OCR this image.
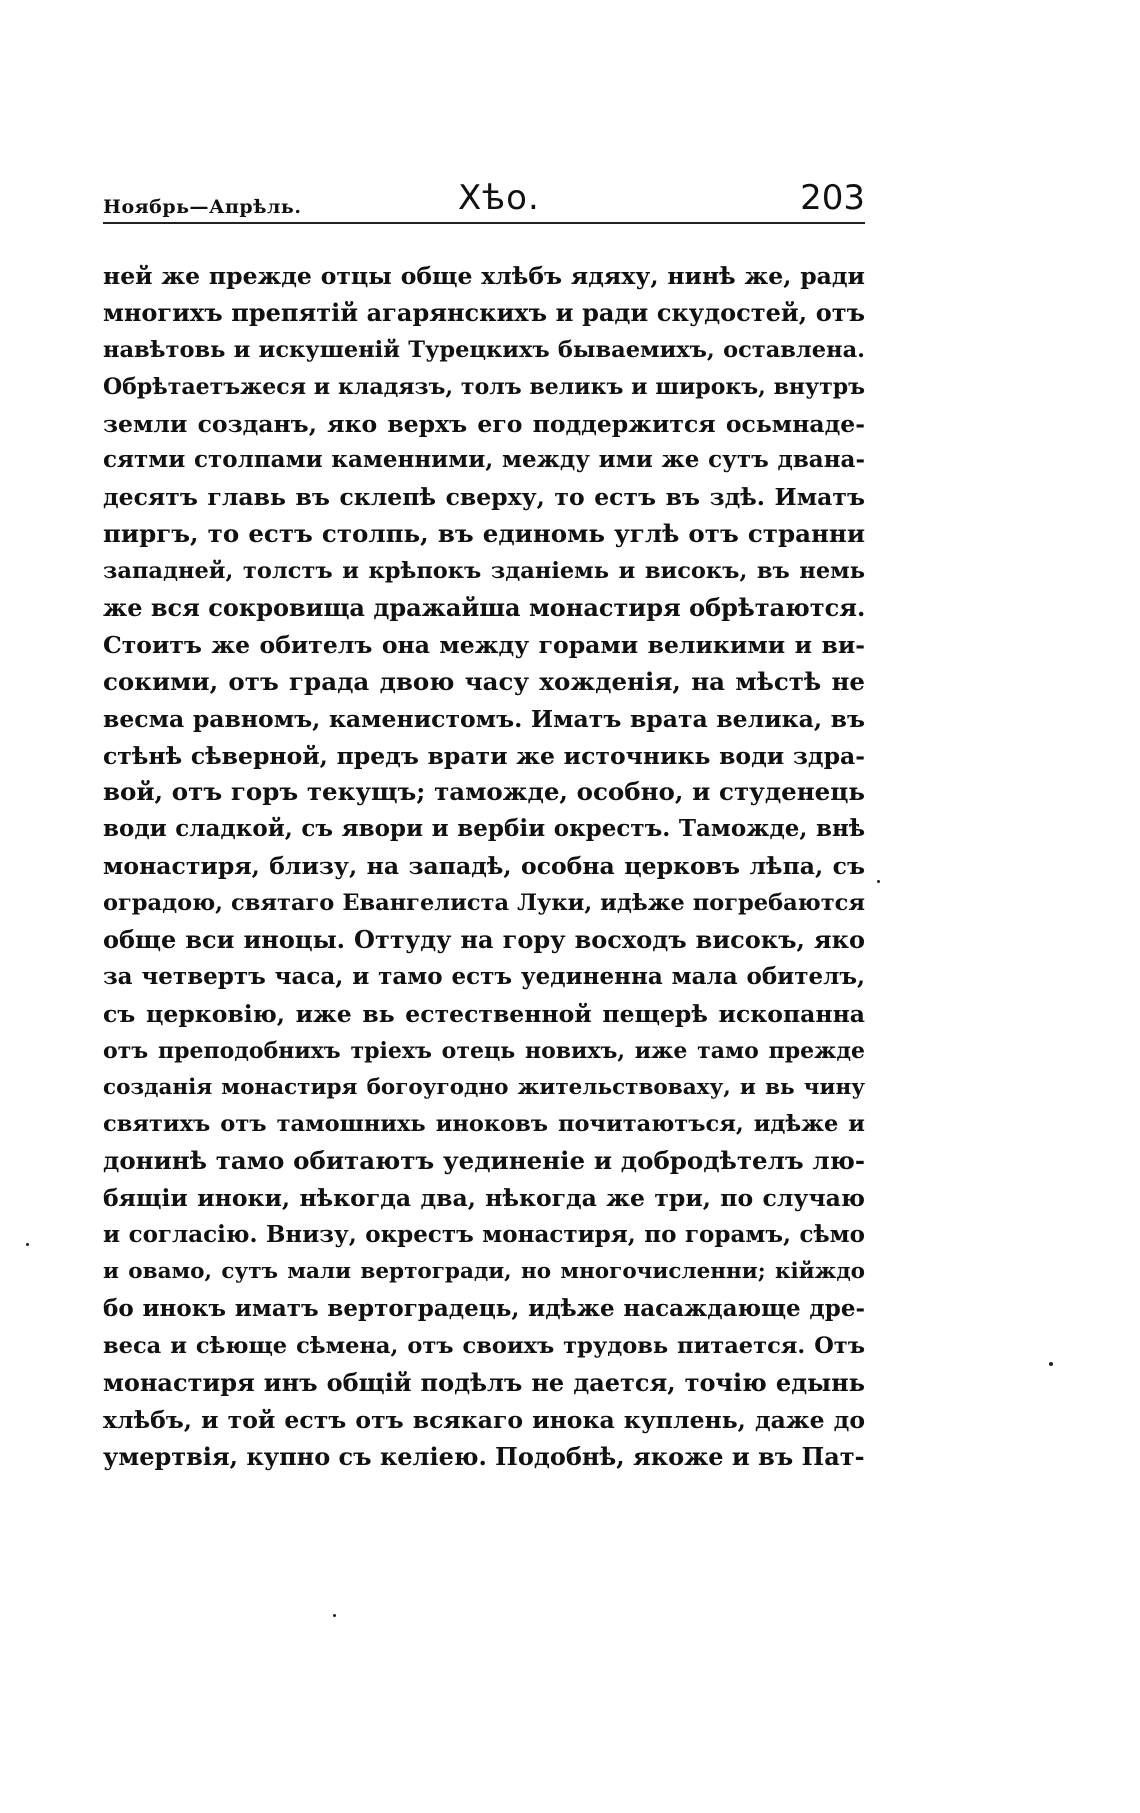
Ноябрь—Апрѣль.	Хѣо.	203
ней же прежде отцы обще хлѣбъ ядяху, нинѣ же, ради
многихъ препятій агарянскихъ и ради скудостей, отъ
навѣтовь и искушеній Турецкихъ бываемихъ, оставлена.
Обрѣтаетъжеся и кладязъ, толъ великъ и широкъ, внутръ
земли созданъ, яко верхъ его поддержится осьмнаде-
сятми столпами каменними, между ими же сутъ двана-
десятъ главь въ склепѣ сверху, то естъ въ здѣ. Иматъ
пиргъ, то естъ столпь, въ единомь углѣ отъ странни
западней, толстъ и крѣпокъ зданіемь и високъ, въ немь
же вся сокровища дражайша монастиря обрѣтаются.
Стоитъ же обителъ она между горами великими и ви-
сокими, отъ града двою часу хожденія, на мѣстѣ не
весма равномъ, каменистомъ. Иматъ врата велика, въ
стѣнѣ сѣверной, предъ врати же источникь води здра-
вой, отъ горъ текущъ; тамождe, особно, и студенець
води сладкой, съ явори и вербіи окрестъ. Тамождe, внѣ
монастиря, близу, на западѣ, особна церковъ лѣпа, съ
оградою, святаго Евангелиста Луки, идѣже погребаются
обще вси иноцы. Оттуду на гору восходъ високъ, яко
за четвертъ часа, и тамо естъ уединенна мала обителъ,
съ церковію, иже вь естественной пещерѣ ископанна
отъ преподобнихъ тріехъ отець новихъ, иже тамо прежде
созданія монастиря богоугодно жительствоваху, и вь чину
святихъ отъ тамошнихь иноковъ почитаютъся, идѣже и
донинѣ тамо обитаютъ уединеніе и добродѣтелъ лю-
бящіи иноки, нѣкогда два, нѣкогда же три, по случаю
и согласію. Внизу, окрестъ монастиря, по горамъ, сѣмо
и овамо, сутъ мали вертогради, но многочисленни; кійждо
бо инокъ иматъ вертоградець, идѣже насаждающе дре-
веса и сѣюще сѣмена, отъ своихъ трудовь питается. Отъ
монастиря инъ общій подѣлъ не дается, точію едынь
хлѣбъ, и той естъ отъ всякаго инока куплень, даже до
умертвія, купно съ келіею. Подобнѣ, якоже и въ Пат-
